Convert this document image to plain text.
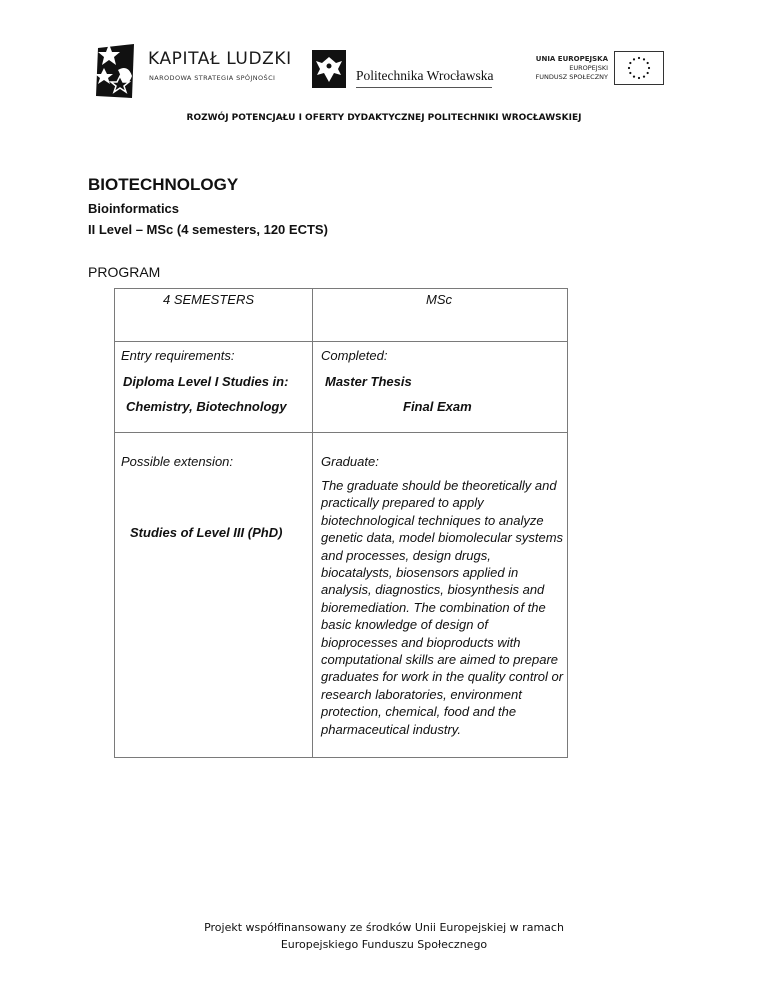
KAPITAŁ LUDZKI
NARODOWA STRATEGIA SPÓJNOŚCI	Politechnika Wrocławska
UNIA EUROPEJSKA
EUROPEJSKI
FUNDUSZ SPOŁECZNY
ROZWÓJ POTENCJAŁU I OFERTY DYDAKTYCZNEJ POLITECHNIKI WROCŁAWSKIEJ
BIOTECHNOLOGY
Bioinformatics
II Level – MSc (4 semesters, 120 ECTS)
PROGRAM
4 SEMESTERS	MSc
Entry requirements:
Diploma Level I Studies in:
Chemistry, Biotechnology
Completed:
Master Thesis
Final Exam
Possible extension:
Studies of Level III (PhD)
Graduate:
The graduate should be theoretically and practically prepared to apply biotechnological techniques to analyze genetic data, model biomolecular systems and processes, design drugs, biocatalysts, biosensors applied in analysis, diagnostics, biosynthesis and bioremediation. The combination of the basic knowledge of design of bioprocesses and bioproducts with computational skills are aimed to prepare graduates for work in the quality control or research laboratories, environment protection, chemical, food and the pharmaceutical industry.
Projekt współfinansowany ze środków Unii Europejskiej w ramach
Europejskiego Funduszu Społecznego
